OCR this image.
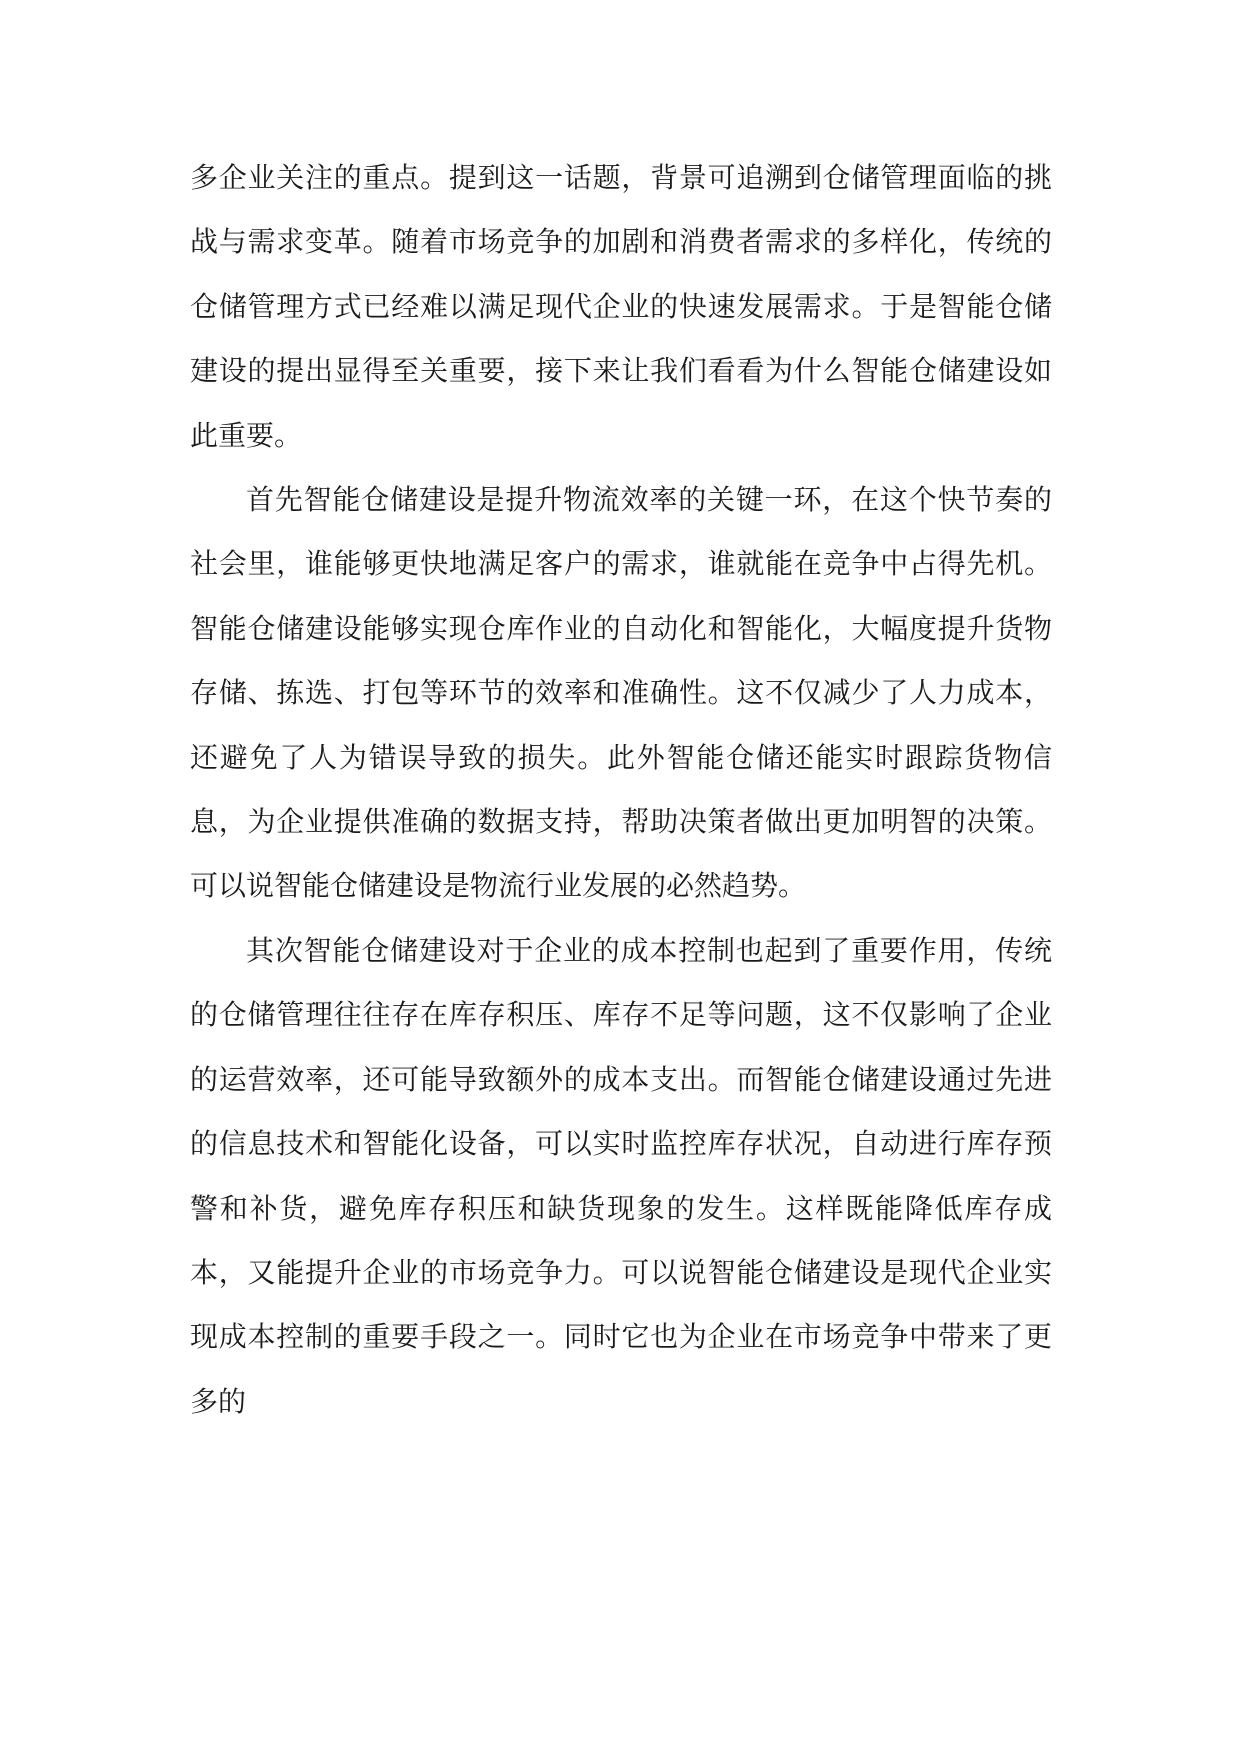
多企业关注的重点。提到这一话题，背景可追溯到仓储管理面临的挑战与需求变革。随着市场竞争的加剧和消费者需求的多样化，传统的仓储管理方式已经难以满足现代企业的快速发展需求。于是智能仓储建设的提出显得至关重要，接下来让我们看看为什么智能仓储建设如此重要。

首先智能仓储建设是提升物流效率的关键一环，在这个快节奏的社会里，谁能够更快地满足客户的需求，谁就能在竞争中占得先机。智能仓储建设能够实现仓库作业的自动化和智能化，大幅度提升货物存储、拣选、打包等环节的效率和准确性。这不仅减少了人力成本，还避免了人为错误导致的损失。此外智能仓储还能实时跟踪货物信息，为企业提供准确的数据支持，帮助决策者做出更加明智的决策。可以说智能仓储建设是物流行业发展的必然趋势。

其次智能仓储建设对于企业的成本控制也起到了重要作用，传统的仓储管理往往存在库存积压、库存不足等问题，这不仅影响了企业的运营效率，还可能导致额外的成本支出。而智能仓储建设通过先进的信息技术和智能化设备，可以实时监控库存状况，自动进行库存预警和补货，避免库存积压和缺货现象的发生。这样既能降低库存成本，又能提升企业的市场竞争力。可以说智能仓储建设是现代企业实现成本控制的重要手段之一。同时它也为企业在市场竞争中带来了更多的
